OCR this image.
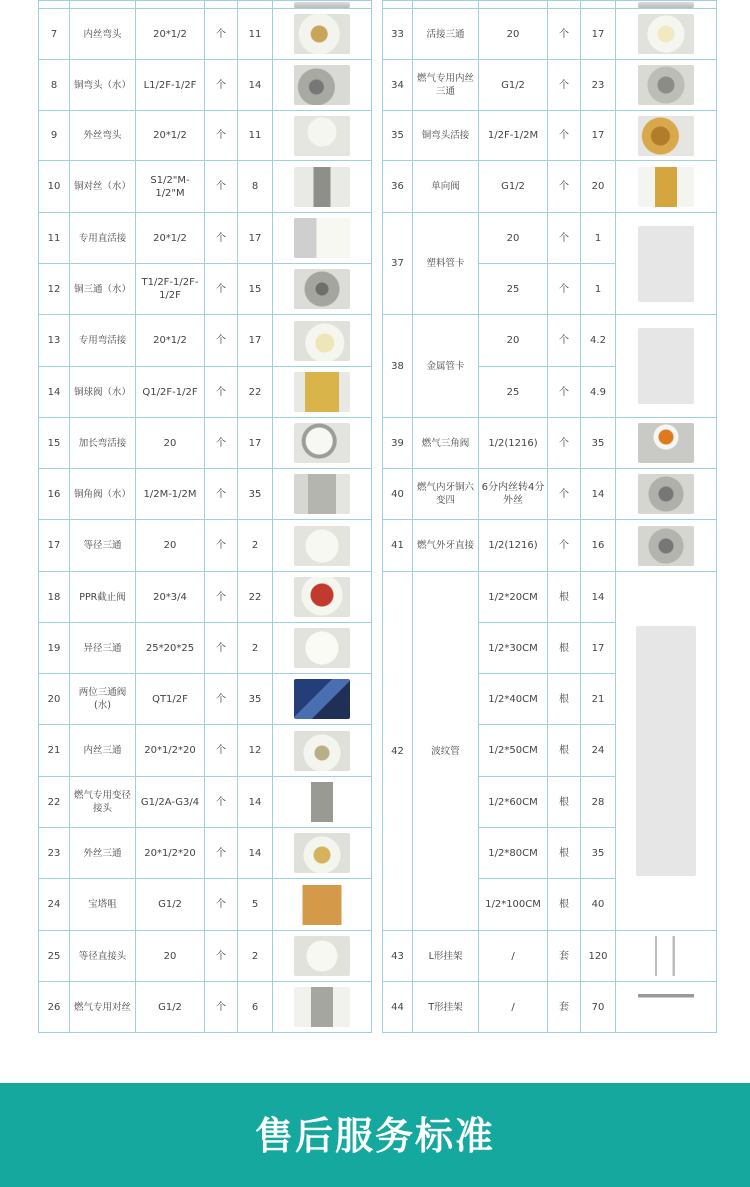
7	内丝弯头	20*1/2	个	11	

8	铜弯头（水）	L1/2F-1/2F	个	14	

9	外丝弯头	20*1/2	个	11	

10	铜对丝（水）	S1/2"M-1/2"M	个	8	

11	专用直活接	20*1/2	个	17	

12	铜三通（水）	T1/2F-1/2F-1/2F	个	15	

13	专用弯活接	20*1/2	个	17	

14	铜球阀（水）	Q1/2F-1/2F	个	22	

15	加长弯活接	20	个	17	

16	铜角阀（水）	1/2M-1/2M	个	35	

17	等径三通	20	个	2	

18	PPR截止阀	20*3/4	个	22	

19	异径三通	25*20*25	个	2	

20	两位三通阀(水)	QT1/2F	个	35	

21	内丝三通	20*1/2*20	个	12	

22	燃气专用变径接头	G1/2A-G3/4	个	14	

23	外丝三通	20*1/2*20	个	14	

24	宝塔咀	G1/2	个	5	

25	等径直接头	20	个	2	

26	燃气专用对丝	G1/2	个	6	

33	活接三通	20	个	17	

34	燃气专用内丝三通	G1/2	个	23	

35	铜弯头活接	1/2F-1/2M	个	17	

36	单向阀	G1/2	个	20	

37	塑料管卡	20	个	1	

		25	个	1	
38	金属管卡	20	个	4.2	

		25	个	4.9	
39	燃气三角阀	1/2(1216)	个	35	

40	燃气内牙铜六变四	6分内丝转4分外丝	个	14	

41	燃气外牙直接	1/2(1216)	个	16	

42	波纹管	1/2*20CM	根	14	

		1/2*30CM	根	17	
		1/2*40CM	根	21	
		1/2*50CM	根	24	
		1/2*60CM	根	28	
		1/2*80CM	根	35	
		1/2*100CM	根	40	
43	L形挂架	/	套	120	

44	T形挂架	/	套	70	
售后服务标准
